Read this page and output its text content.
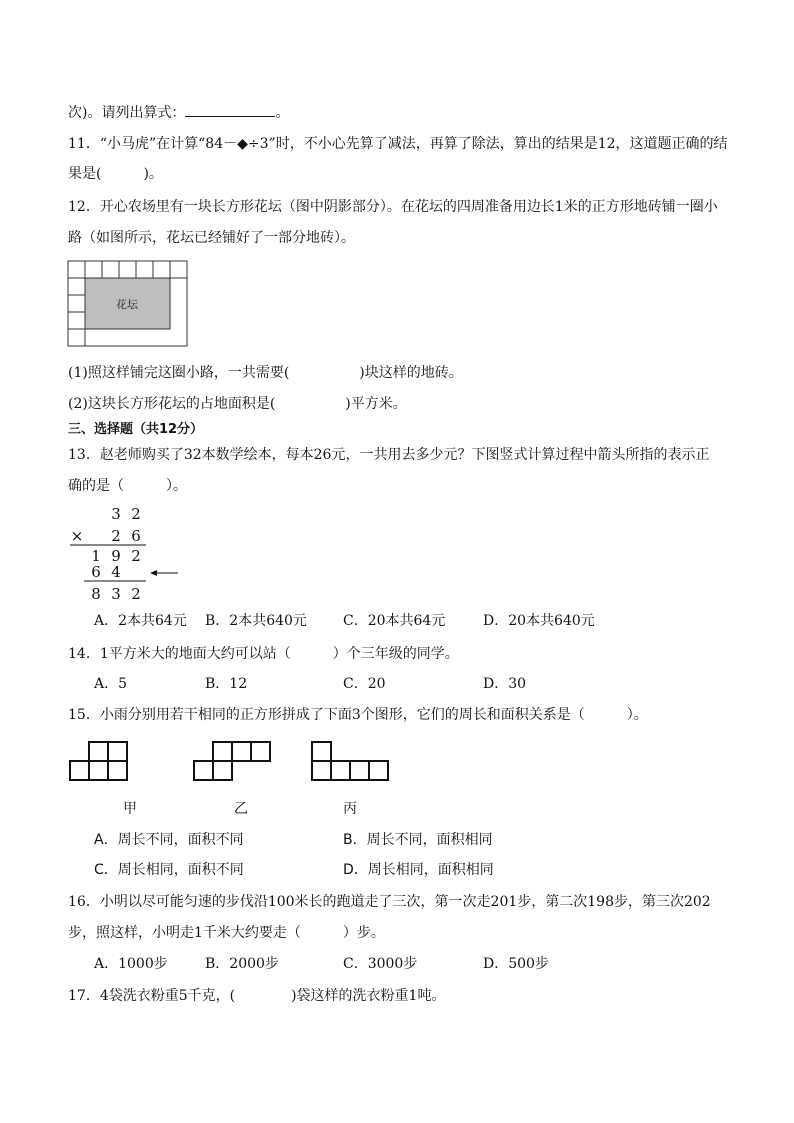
次)。请列出算式：	。
11．“小马虎”在计算“84－◆÷3”时，不小心先算了减法，再算了除法，算出的结果是12，这道题正确的结
果是(　　　)。
12．开心农场里有一块长方形花坛（图中阴影部分）。在花坛的四周准备用边长1米的正方形地砖铺一圈小
路（如图所示，花坛已经铺好了一部分地砖）。
花坛
(1)照这样铺完这圈小路，一共需要(　　　　　)块这样的地砖。
(2)这块长方形花坛的占地面积是(　　　　　)平方米。
三、选择题（共12分）
13．赵老师购买了32本数学绘本，每本26元，一共用去多少元？下图竖式计算过程中箭头所指的表示正
确的是（　　　）。
3 2
× 2 6
1 9 2
6 4
8 3 2
A．2本共64元 B．2本共640元	C．20本共64元	D．20本共640元
14．1平方米大的地面大约可以站（　　　）个三年级的同学。
A．5	B．12	C．20	D．30
15．小雨分别用若干相同的正方形拼成了下面3个图形，它们的周长和面积关系是（　　　）。
甲	乙	丙
A．周长不同，面积不同	B．周长不同，面积相同
C．周长相同，面积不同	D．周长相同，面积相同
16．小明以尽可能匀速的步伐沿100米长的跑道走了三次，第一次走201步，第二次198步，第三次202
步，照这样，小明走1千米大约要走（　　　）步。
A．1000步	B．2000步	C．3000步	D．500步
17．4袋洗衣粉重5千克，(　　　　)袋这样的洗衣粉重1吨。
